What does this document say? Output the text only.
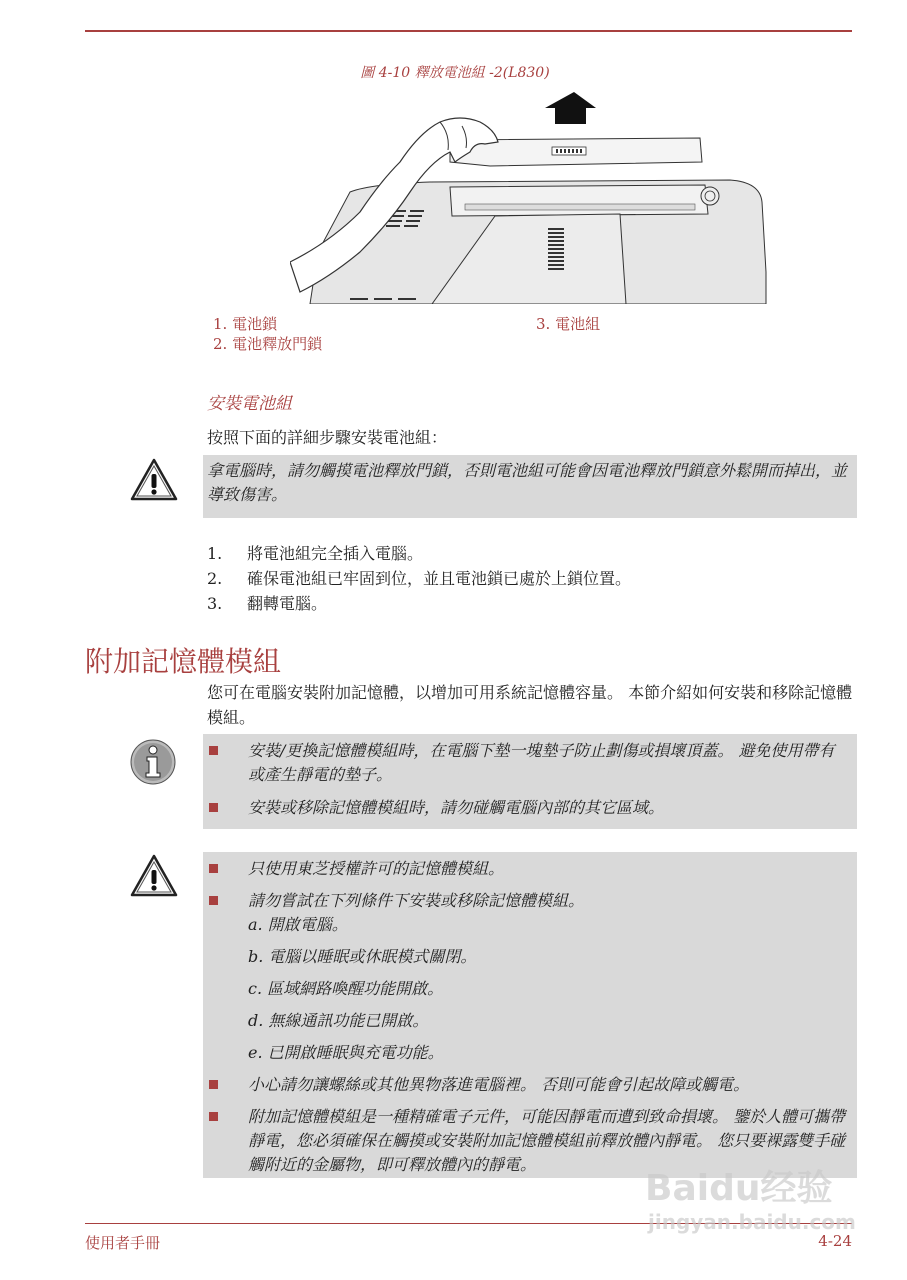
圖 4-10 釋放電池組 -2(L830)
1. 電池鎖
2. 電池釋放門鎖
3. 電池組
安裝電池組
按照下面的詳細步驟安裝電池組：
拿電腦時，請勿觸摸電池釋放門鎖，否則電池組可能會因電池釋放門鎖意外鬆開而掉出，並導致傷害。
1.	將電池組完全插入電腦。
2.	確保電池組已牢固到位，並且電池鎖已處於上鎖位置。
3.	翻轉電腦。
附加記憶體模組
您可在電腦安裝附加記憶體，以增加可用系統記憶體容量。 本節介紹如何安裝和移除記憶體模組。
安裝/更換記憶體模組時，在電腦下墊一塊墊子防止劃傷或損壞頂蓋。 避免使用帶有或產生靜電的墊子。
安裝或移除記憶體模組時，請勿碰觸電腦內部的其它區域。
只使用東芝授權許可的記憶體模組。
請勿嘗試在下列條件下安裝或移除記憶體模組。
a. 開啟電腦。
b. 電腦以睡眠或休眠模式關閉。
c. 區域網路喚醒功能開啟。
d. 無線通訊功能已開啟。
e. 已開啟睡眠與充電功能。
小心請勿讓螺絲或其他異物落進電腦裡。 否則可能會引起故障或觸電。
附加記憶體模組是一種精確電子元件，可能因靜電而遭到致命損壞。 鑒於人體可攜帶靜電，您必須確保在觸摸或安裝附加記憶體模組前釋放體內靜電。 您只要裸露雙手碰觸附近的金屬物，即可釋放體內的靜電。
使用者手冊	4-24
Baidu经验
jingyan.baidu.com
